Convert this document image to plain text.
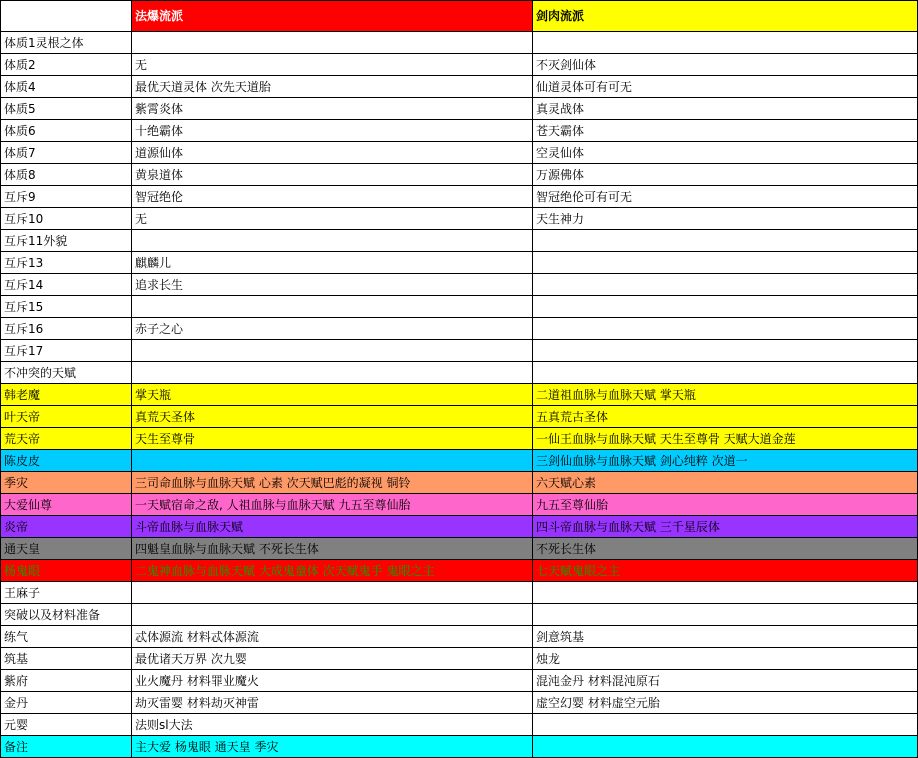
	法爆流派	剑肉流派
体质1灵根之体		
体质2	无	不灭剑仙体
体质4	最优天道灵体 次先天道胎	仙道灵体可有可无
体质5	紫霄炎体	真灵战体
体质6	十绝霸体	苍天霸体
体质7	道源仙体	空灵仙体
体质8	黄泉道体	万源佛体
互斥9	智冠绝伦	智冠绝伦可有可无
互斥10	无	天生神力
互斥11外貌		
互斥13	麒麟儿	
互斥14	追求长生	
互斥15		
互斥16	赤子之心	
互斥17		
不冲突的天赋		
韩老魔	掌天瓶	二道祖血脉与血脉天赋 掌天瓶
叶天帝	真荒天圣体	五真荒古圣体
荒天帝	天生至尊骨	一仙王血脉与血脉天赋 天生至尊骨 天赋大道金莲
陈皮皮		三剑仙血脉与血脉天赋 剑心纯粹 次道一
季灾	三司命血脉与血脉天赋 心素 次天赋巴彪的凝视 铜铃	六天赋心素
大爱仙尊	一天赋宿命之敌, 人祖血脉与血脉天赋 九五至尊仙胎	九五至尊仙胎
炎帝	斗帝血脉与血脉天赋	四斗帝血脉与血脉天赋 三千星辰体
通天皇	四魁皇血脉与血脉天赋 不死长生体	不死长生体
杨鬼眼	二鬼神血脉与血脉天赋 大成鬼童体 次天赋鬼手 鬼眼之主	七天赋鬼眼之主
王麻子		
突破以及材料准备		
练气	忒体源流 材料忒体源流	剑意筑基
筑基	最优诸天万界 次九婴	烛龙
紫府	业火魔丹 材料罪业魔火	混沌金丹 材料混沌原石
金丹	劫灭雷婴 材料劫灭神雷	虚空幻婴 材料虚空元胎
元婴	法则sl大法	
备注	主大爱 杨鬼眼 通天皇 季灾	
